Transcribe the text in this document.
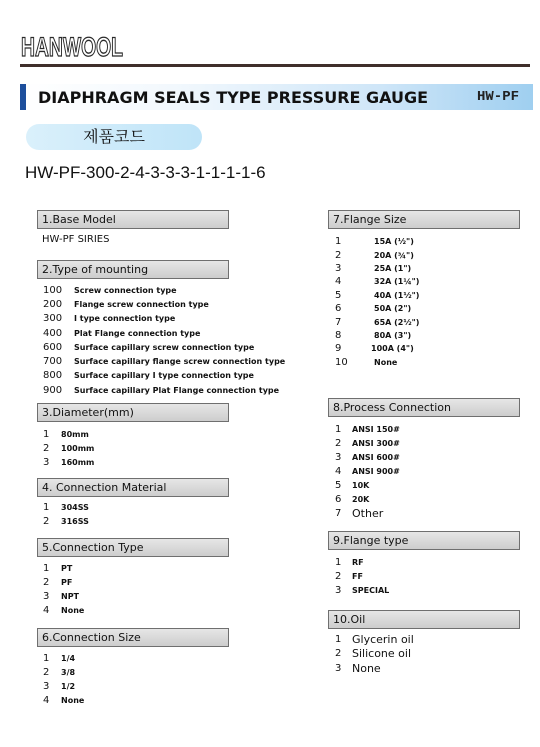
HANWOOL
DIAPHRAGM SEALS TYPE PRESSURE GAUGE	HW-PF
제품코드
HW-PF-300-2-4-3-3-3-1-1-1-1-6
1.Base Model
HW-PF SIRIES
2.Type of mounting
100	Screw connection type
200	Flange screw connection type
300	I type connection type
400	Plat Flange connection type
600	Surface capillary screw connection type
700	Surface capillary flange screw connection type
800	Surface capillary I type connection type
900	Surface capillary Plat Flange connection type
3.Diameter(mm)
1	80mm
2	100mm
3	160mm
4. Connection Material
1	304SS
2	316SS
5.Connection Type
1	PT
2	PF
3	NPT
4	None
6.Connection Size
1	1/4
2	3/8
3	1/2
4	None
7.Flange Size
1	15A (½")
2	20A (¾")
3	25A (1")
4	32A (1¼")
5	40A (1½")
6	50A (2")
7	65A (2½")
8	80A (3")
9	100A (4")
10	None
8.Process Connection
1	ANSI 150#
2	ANSI 300#
3	ANSI 600#
4	ANSI 900#
5	10K
6	20K
7 Other
9.Flange type
1	RF
2	FF
3	SPECIAL
10.Oil
1 Glycerin oil
2 Silicone oil
3 None
